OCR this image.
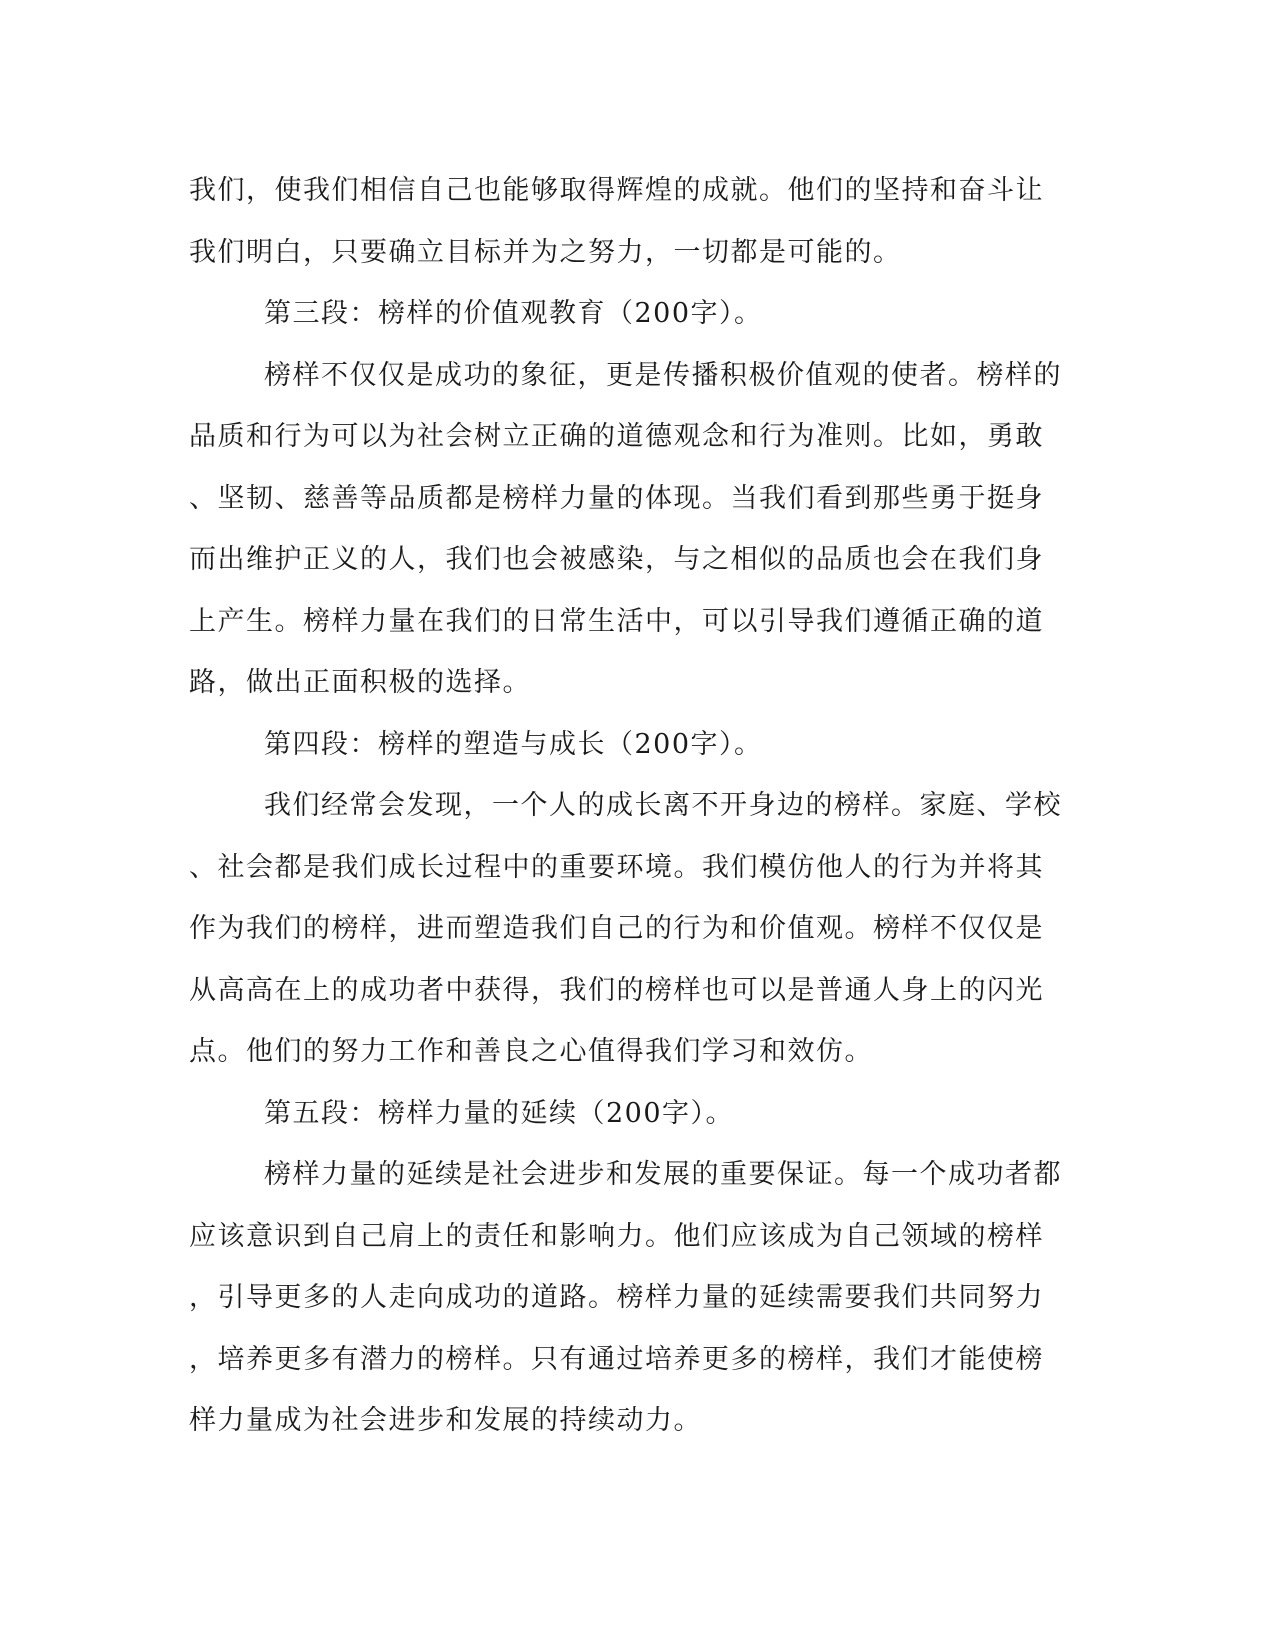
我们，使我们相信自己也能够取得辉煌的成就。他们的坚持和奋斗让
我们明白，只要确立目标并为之努力，一切都是可能的。
第三段：榜样的价值观教育（200字）。
榜样不仅仅是成功的象征，更是传播积极价值观的使者。榜样的
品质和行为可以为社会树立正确的道德观念和行为准则。比如，勇敢
、坚韧、慈善等品质都是榜样力量的体现。当我们看到那些勇于挺身
而出维护正义的人，我们也会被感染，与之相似的品质也会在我们身
上产生。榜样力量在我们的日常生活中，可以引导我们遵循正确的道
路，做出正面积极的选择。
第四段：榜样的塑造与成长（200字）。
我们经常会发现，一个人的成长离不开身边的榜样。家庭、学校
、社会都是我们成长过程中的重要环境。我们模仿他人的行为并将其
作为我们的榜样，进而塑造我们自己的行为和价值观。榜样不仅仅是
从高高在上的成功者中获得，我们的榜样也可以是普通人身上的闪光
点。他们的努力工作和善良之心值得我们学习和效仿。
第五段：榜样力量的延续（200字）。
榜样力量的延续是社会进步和发展的重要保证。每一个成功者都
应该意识到自己肩上的责任和影响力。他们应该成为自己领域的榜样
，引导更多的人走向成功的道路。榜样力量的延续需要我们共同努力
，培养更多有潜力的榜样。只有通过培养更多的榜样，我们才能使榜
样力量成为社会进步和发展的持续动力。
